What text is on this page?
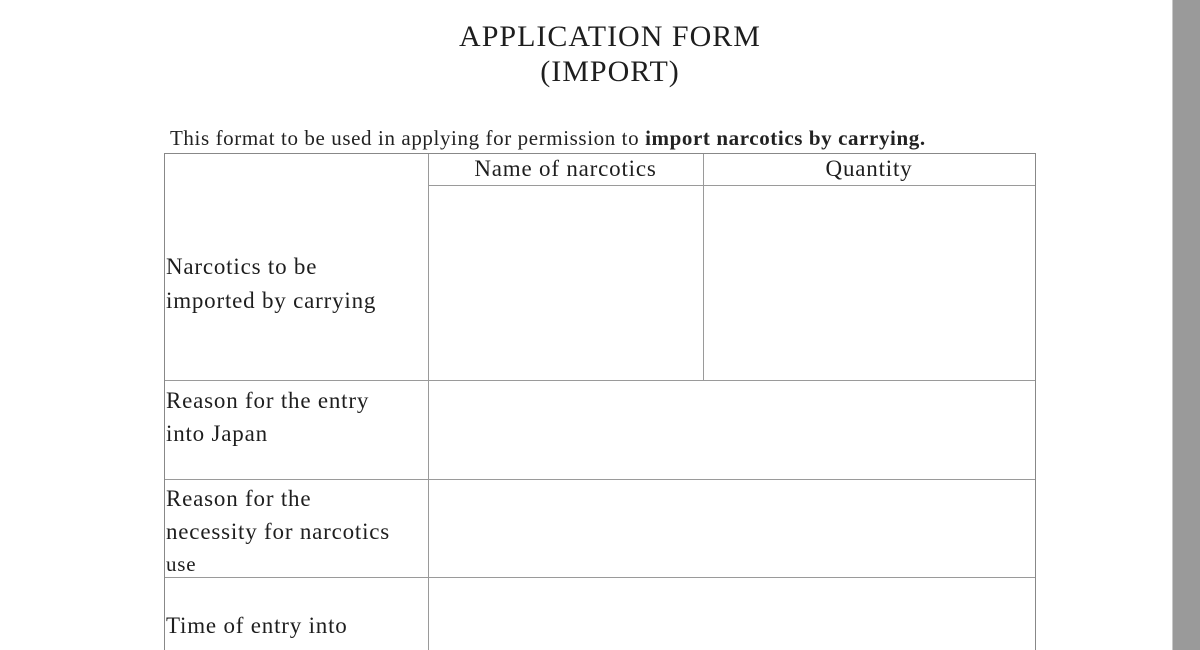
APPLICATION FORM
(IMPORT)
This format to be used in applying for permission to import narcotics by carrying.
Name of narcotics	Quantity
Narcotics to be
imported by carrying
Reason for the entry
into Japan
Reason for the
necessity for narcotics
use
Time of entry into
